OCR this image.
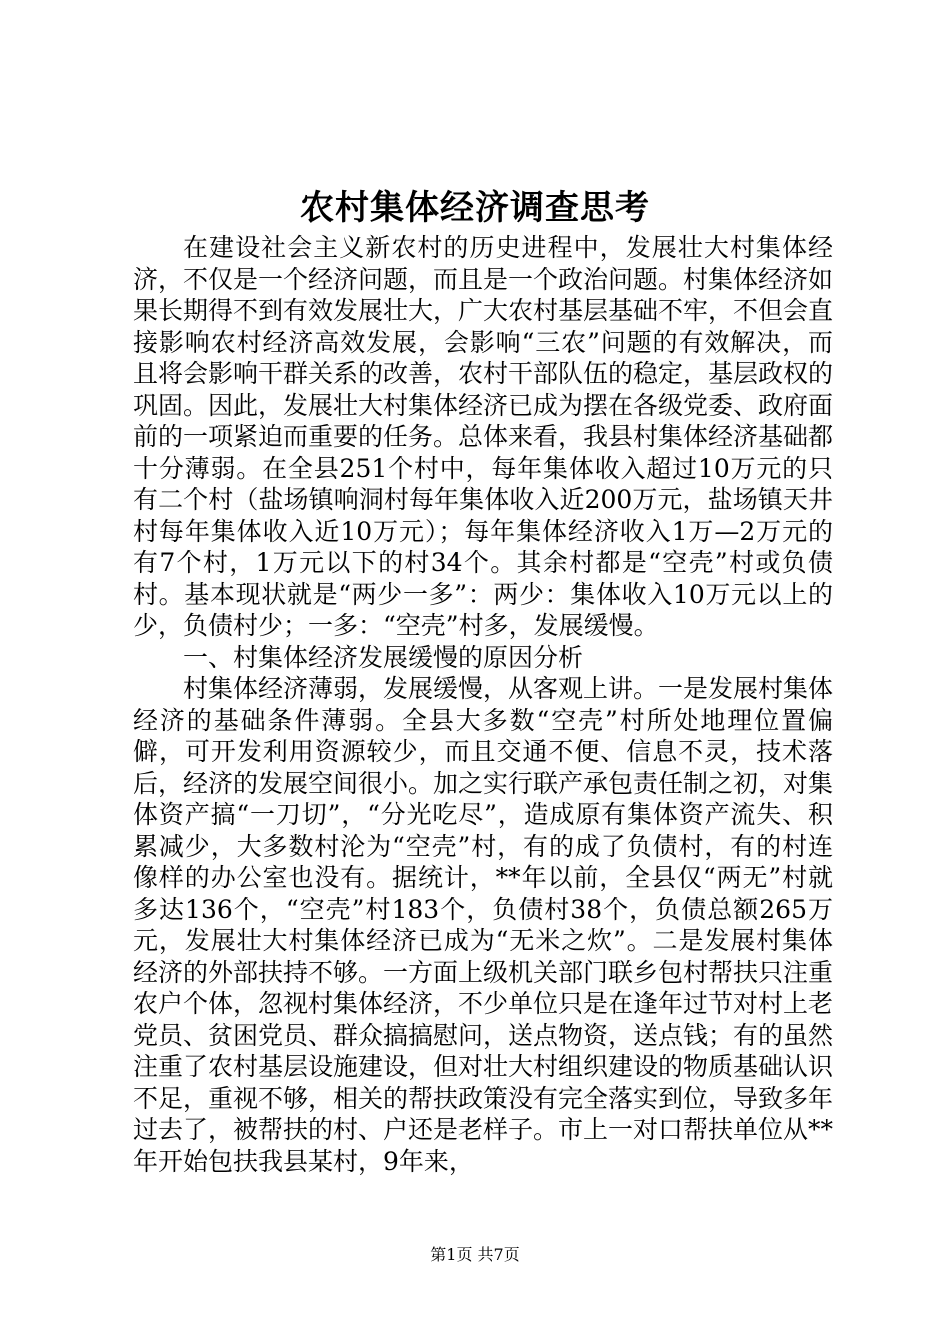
农村集体经济调查思考

在建设社会主义新农村的历史进程中，发展壮大村集体经济，不仅是一个经济问题，而且是一个政治问题。村集体经济如果长期得不到有效发展壮大，广大农村基层基础不牢，不但会直接影响农村经济高效发展，会影响“三农”问题的有效解决，而且将会影响干群关系的改善，农村干部队伍的稳定，基层政权的巩固。因此，发展壮大村集体经济已成为摆在各级党委、政府面前的一项紧迫而重要的任务。总体来看，我县村集体经济基础都十分薄弱。在全县251个村中，每年集体收入超过10万元的只有二个村（盐场镇响洞村每年集体收入近200万元，盐场镇天井村每年集体收入近10万元）；每年集体经济收入1万—2万元的有7个村，1万元以下的村34个。其余村都是“空壳”村或负债村。基本现状就是“两少一多”：两少：集体收入10万元以上的少，负债村少；一多：“空壳”村多，发展缓慢。

一、村集体经济发展缓慢的原因分析

村集体经济薄弱，发展缓慢，从客观上讲。一是发展村集体经济的基础条件薄弱。全县大多数“空壳”村所处地理位置偏僻，可开发利用资源较少，而且交通不便、信息不灵，技术落后，经济的发展空间很小。加之实行联产承包责任制之初，对集体资产搞“一刀切”，“分光吃尽”，造成原有集体资产流失、积累减少，大多数村沦为“空壳”村，有的成了负债村，有的村连像样的办公室也没有。据统计，**年以前，全县仅“两无”村就多达136个，“空壳”村183个，负债村38个，负债总额265万元，发展壮大村集体经济已成为“无米之炊”。二是发展村集体经济的外部扶持不够。一方面上级机关部门联乡包村帮扶只注重农户个体，忽视村集体经济，不少单位只是在逢年过节对村上老党员、贫困党员、群众搞搞慰问，送点物资，送点钱；有的虽然注重了农村基层设施建设，但对壮大村组织建设的物质基础认识不足，重视不够，相关的帮扶政策没有完全落实到位，导致多年过去了，被帮扶的村、户还是老样子。市上一对口帮扶单位从**年开始包扶我县某村，9年来，

第1页 共7页
